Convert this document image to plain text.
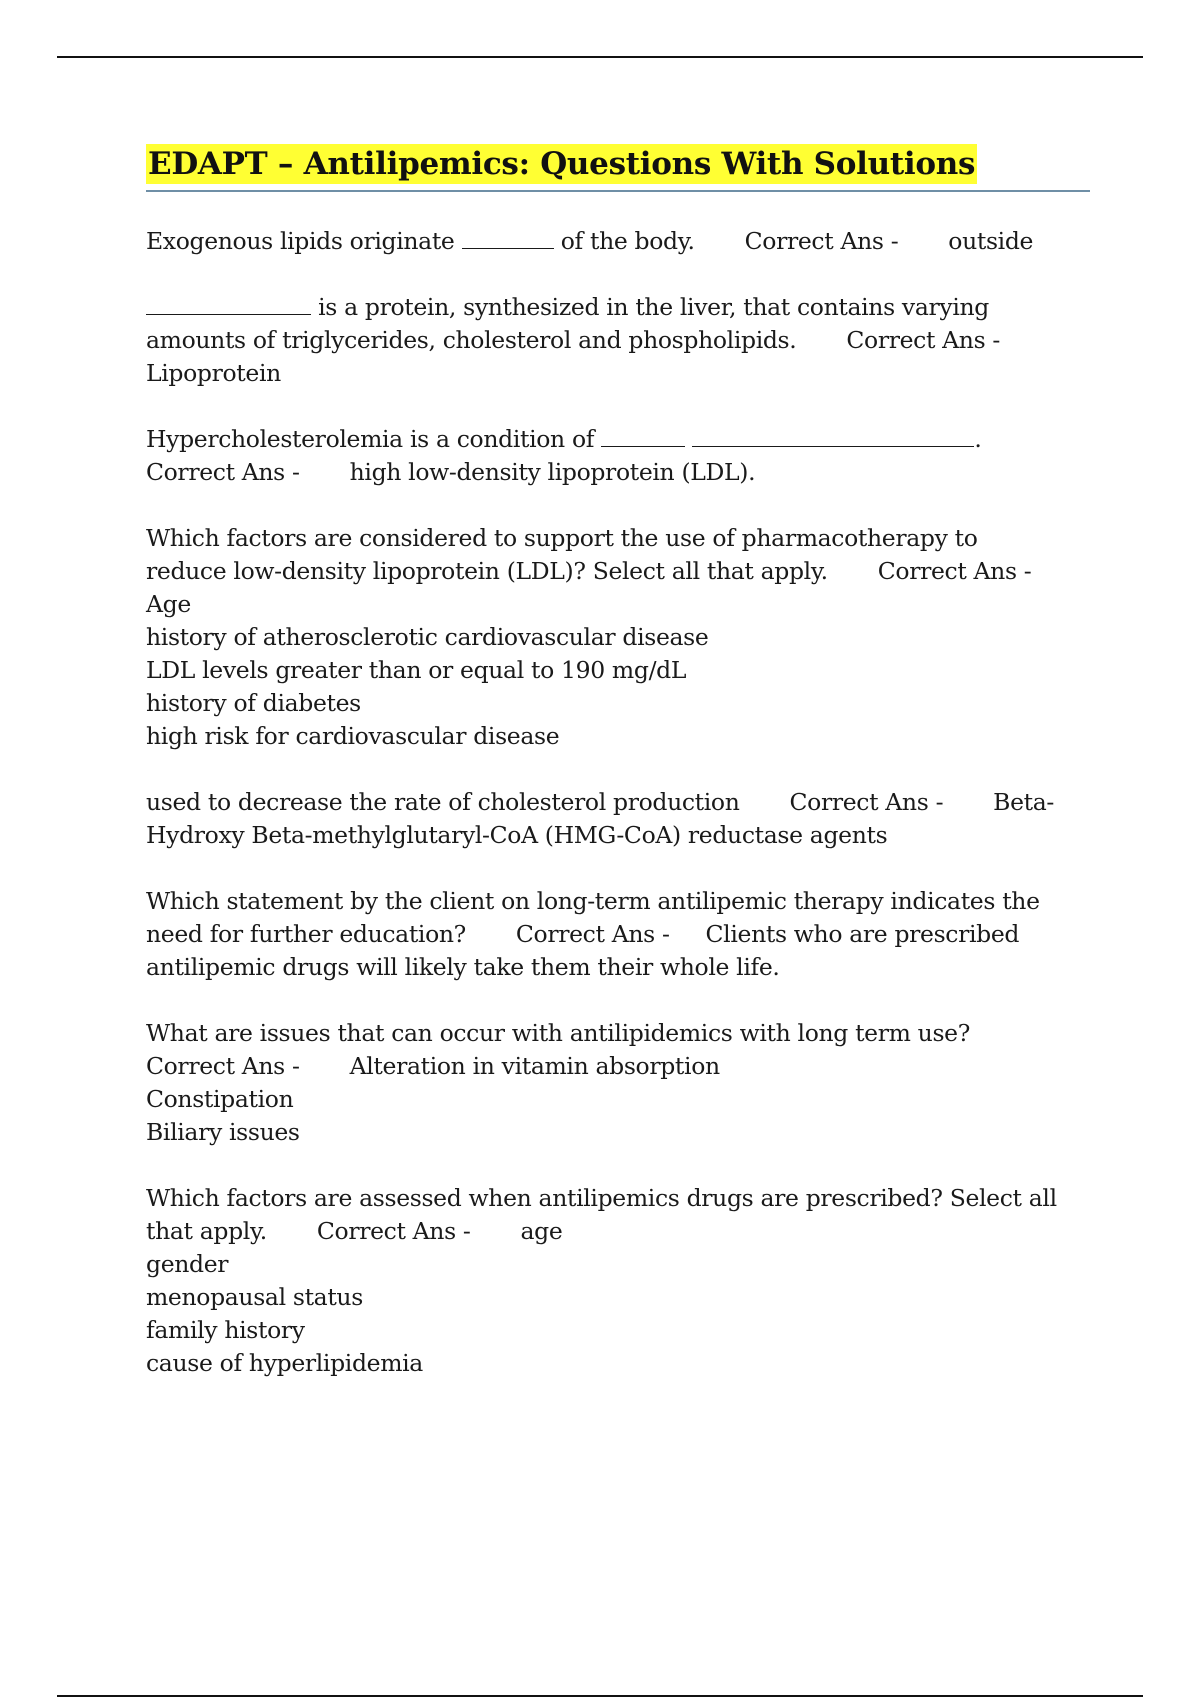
EDAPT – Antilipemics: Questions With Solutions
Exogenous lipids originate	of the body. Correct Ans - outside
is a protein, synthesized in the liver, that contains varying
amounts of triglycerides, cholesterol and phospholipids. Correct Ans -
Lipoprotein
Hypercholesterolemia is a condition of	.
Correct Ans - high low-density lipoprotein (LDL).
Which factors are considered to support the use of pharmacotherapy to
reduce low-density lipoprotein (LDL)? Select all that apply. Correct Ans -
Age
history of atherosclerotic cardiovascular disease
LDL levels greater than or equal to 190 mg/dL
history of diabetes
high risk for cardiovascular disease
used to decrease the rate of cholesterol production Correct Ans - Beta-
Hydroxy Beta-methylglutaryl-CoA (HMG-CoA) reductase agents
Which statement by the client on long-term antilipemic therapy indicates the
need for further education? Correct Ans - Clients who are prescribed
antilipemic drugs will likely take them their whole life.
What are issues that can occur with antilipidemics with long term use?
Correct Ans - Alteration in vitamin absorption
Constipation
Biliary issues
Which factors are assessed when antilipemics drugs are prescribed? Select all
that apply. Correct Ans - age
gender
menopausal status
family history
cause of hyperlipidemia
